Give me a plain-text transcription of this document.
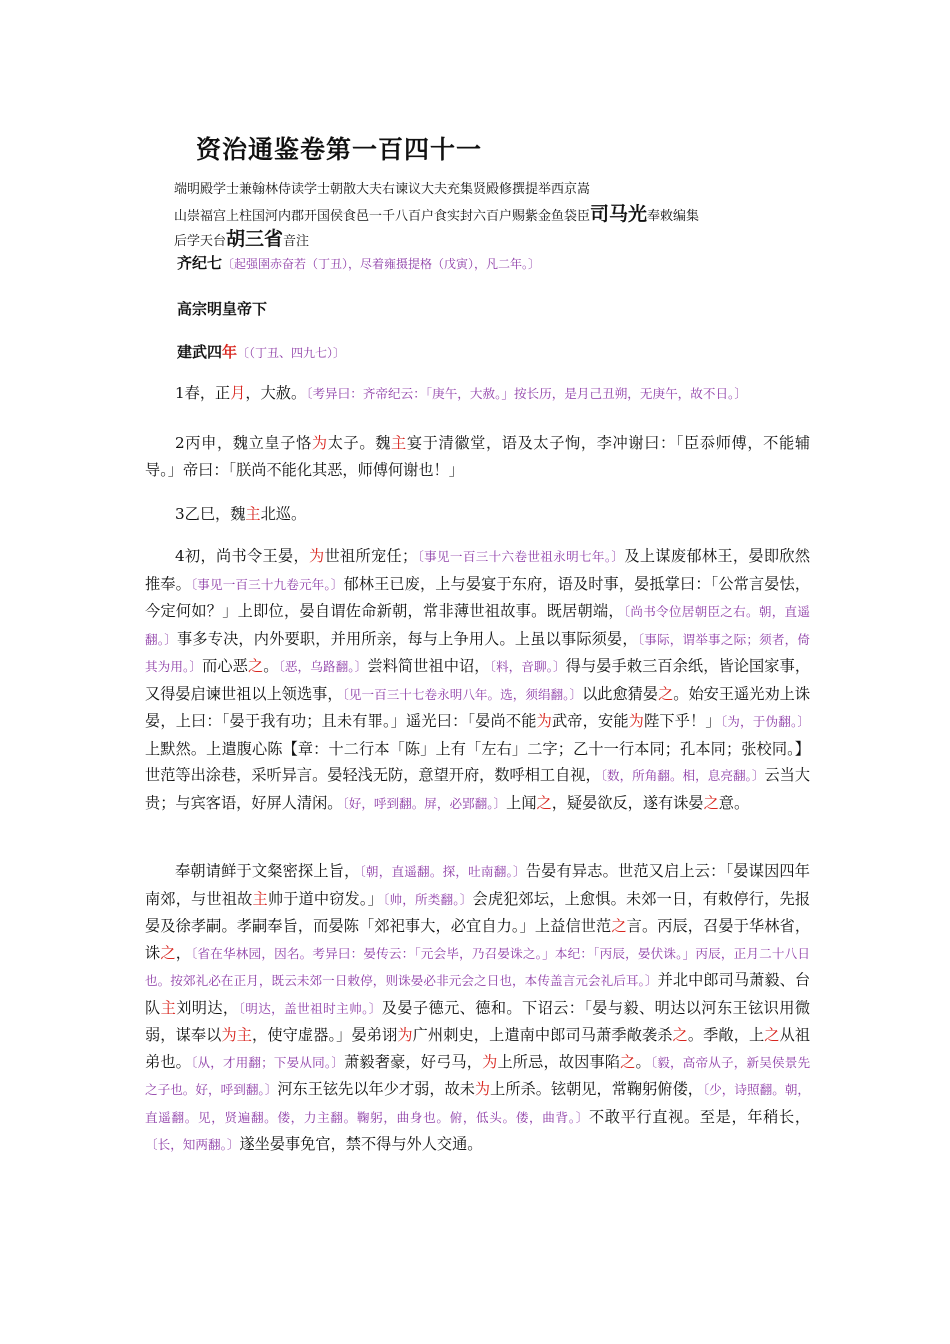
资治通鉴卷第一百四十一
端明殿学士兼翰林侍读学士朝散大夫右谏议大夫充集贤殿修撰提举西京嵩
山崇福宫上柱国河内郡开国侯食邑一千八百户食实封六百户赐紫金鱼袋臣司马光奉敕编集
后学天台胡三省音注
齐纪七〔起强圉赤奋若（丁丑），尽着雍摄提格（戊寅），凡二年。〕
高宗明皇帝下
建武四年〔（丁丑、四九七）〕

1春，正月，大赦。〔考异曰：齐帝纪云：「庚午，大赦。」按长历，是月己丑朔，无庚午，故不日。〕

2丙申，魏立皇子恪为太子。魏主宴于清徽堂，语及太子恂，李冲谢曰：「臣忝师傅，不能辅导。」帝曰：「朕尚不能化其恶，师傅何谢也！」

3乙巳，魏主北巡。

4初，尚书令王晏，为世祖所宠任；〔事见一百三十六卷世祖永明七年。〕及上谋废郁林王，晏即欣然推奉。〔事见一百三十九卷元年。〕郁林王已废，上与晏宴于东府，语及时事，晏抵掌曰：「公常言晏怯，今定何如？」上即位，晏自谓佐命新朝，常非薄世祖故事。既居朝端，〔尚书令位居朝臣之右。朝，直遥翻。〕事多专决，内外要职，并用所亲，每与上争用人。上虽以事际须晏，〔事际，谓举事之际；须者，倚其为用。〕而心恶之。〔恶，乌路翻。〕尝料简世祖中诏，〔料，音聊。〕得与晏手敕三百余纸，皆论国家事，又得晏启谏世祖以上领选事，〔见一百三十七卷永明八年。选，须绢翻。〕以此愈猜晏之。始安王遥光劝上诛晏，上曰：「晏于我有功；且未有罪。」遥光曰：「晏尚不能为武帝，安能为陛下乎！」〔为，于伪翻。〕上默然。上遣腹心陈【章：十二行本「陈」上有「左右」二字；乙十一行本同；孔本同；张校同。】世范等出涂巷，采听异言。晏轻浅无防，意望开府，数呼相工自视，〔数，所角翻。相，息亮翻。〕云当大贵；与宾客语，好屏人清闲。〔好，呼到翻。屏，必郢翻。〕上闻之，疑晏欲反，遂有诛晏之意。

奉朝请鲜于文粲密探上旨，〔朝，直遥翻。探，吐南翻。〕告晏有异志。世范又启上云：「晏谋因四年南郊，与世祖故主帅于道中窃发。」〔帅，所类翻。〕会虎犯郊坛，上愈惧。未郊一日，有敕停行，先报晏及徐孝嗣。孝嗣奉旨，而晏陈「郊祀事大，必宜自力。」上益信世范之言。丙辰，召晏于华林省，诛之，〔省在华林园，因名。考异曰：晏传云：「元会毕，乃召晏诛之。」本纪：「丙辰，晏伏诛。」丙辰，正月二十八日也。按郊礼必在正月，既云未郊一日敕停，则诛晏必非元会之日也，本传盖言元会礼后耳。〕并北中郎司马萧毅、台队主刘明达，〔明达，盖世祖时主帅。〕及晏子德元、德和。下诏云：「晏与毅、明达以河东王铉识用微弱，谋奉以为主，使守虚器。」晏弟诩为广州刺史，上遣南中郎司马萧季敞袭杀之。季敞，上之从祖弟也。〔从，才用翻；下晏从同。〕萧毅奢豪，好弓马，为上所忌，故因事陷之。〔毅，高帝从子，新吴侯景先之子也。好，呼到翻。〕河东王铉先以年少才弱，故未为上所杀。铉朝见，常鞠躬俯偻，〔少，诗照翻。朝，直遥翻。见，贤遍翻。偻，力主翻。鞠躬，曲身也。俯，低头。偻，曲背。〕不敢平行直视。至是，年稍长，〔长，知两翻。〕遂坐晏事免官，禁不得与外人交通。
